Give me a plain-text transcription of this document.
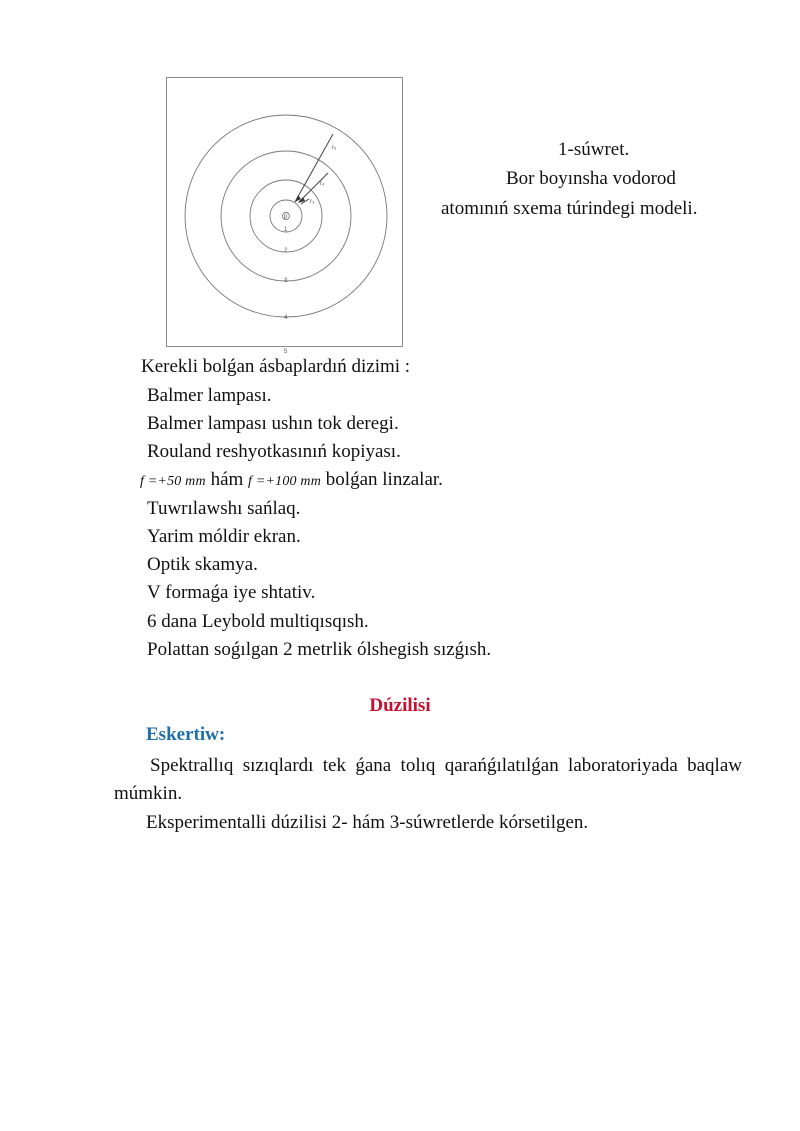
p
1
2
3
4
5
r₅
r₄
r₃
1-súwret.
Bor boyınsha vodorod
atomınıń sxema túrindegi modeli.
Kerekli bolǵan ásbaplardıń dizimi :
Balmer lampası.
Balmer lampası ushın tok deregi.
Rouland reshyotkasınıń kopiyası.
f =+50 mm hám f =+100 mm bolǵan linzalar.
Tuwrılawshı sańlaq.
Yarim móldir ekran.
Optik skamya.
V formaǵa iye shtativ.
6 dana Leybold multiqısqısh.
Polattan soǵılgan 2 metrlik ólshegish sızǵısh.
Dúzilisi
Eskertiw:
Spektrallıq sızıqlardı tek ǵana tolıq qarańǵılatılǵan laboratoriyada baqlaw múmkin.
Eksperimentalli dúzilisi 2- hám 3-súwretlerde kórsetilgen.
